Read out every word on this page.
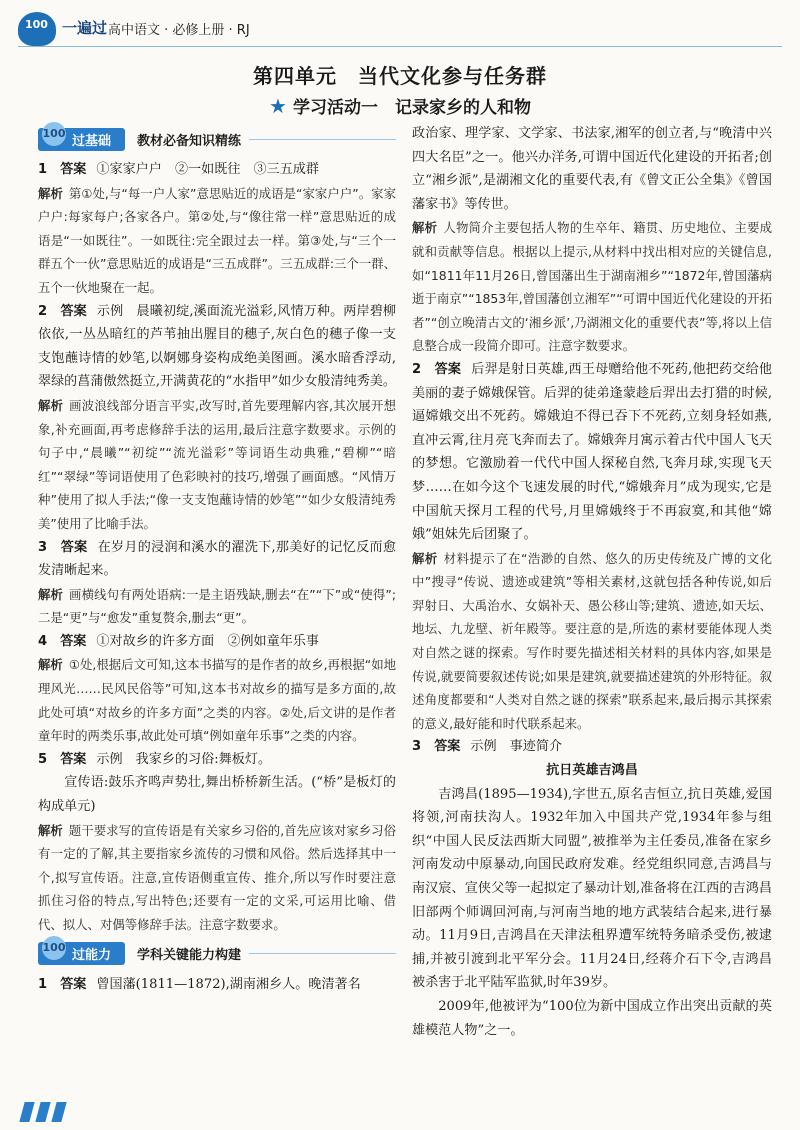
100 一遍过 高中语文 · 必修上册 · RJ
第四单元　当代文化参与任务群
★ 学习活动一　记录家乡的人和物
100
过基础	教材必备知识精练

1　 答案 ①家家户户　②一如既往　③三五成群

解析 第①处,与“每一户人家”意思贴近的成语是“家家户户”。家家户户:每家每户;各家各户。第②处,与“像往常一样”意思贴近的成语是“一如既往”。一如既往:完全跟过去一样。第③处,与“三个一群五个一伙”意思贴近的成语是“三五成群”。三五成群:三个一群、五个一伙地聚在一起。

2　 答案 示例　晨曦初绽,溪面流光溢彩,风情万种。两岸碧柳依依,一丛丛暗红的芦苇抽出腥目的穗子,灰白色的穗子像一支支饱蘸诗情的妙笔,以婀娜身姿构成绝美图画。溪水暗香浮动,翠绿的菖蒲傲然挺立,开满黄花的“水指甲”如少女般清纯秀美。

解析 画波浪线部分语言平实,改写时,首先要理解内容,其次展开想象,补充画面,再考虑修辞手法的运用,最后注意字数要求。示例的句子中,“晨曦”“初绽”“流光溢彩”等词语生动典雅,“碧柳”“暗红”“翠绿”等词语使用了色彩映衬的技巧,增强了画面感。“风情万种”使用了拟人手法;“像一支支饱蘸诗情的妙笔”“如少女般清纯秀美”使用了比喻手法。

3　 答案 在岁月的浸润和溪水的濯洗下,那美好的记忆反而愈发清晰起来。

解析 画横线句有两处语病:一是主语残缺,删去“在”“下”或“使得”;二是“更”与“愈发”重复赘余,删去“更”。

4　 答案 ①对故乡的许多方面　②例如童年乐事

解析 ①处,根据后文可知,这本书描写的是作者的故乡,再根据“如地理风光……民风民俗等”可知,这本书对故乡的描写是多方面的,故此处可填“对故乡的许多方面”之类的内容。②处,后文讲的是作者童年时的两类乐事,故此处可填“例如童年乐事”之类的内容。

5　 答案 示例　我家乡的习俗:舞板灯。

宣传语:鼓乐齐鸣声势壮,舞出桥桥新生活。(“桥”是板灯的构成单元)

解析 题干要求写的宣传语是有关家乡习俗的,首先应该对家乡习俗有一定的了解,其主要指家乡流传的习惯和风俗。然后选择其中一个,拟写宣传语。注意,宣传语侧重宣传、推介,所以写作时要注意抓住习俗的特点,写出特色;还要有一定的文采,可运用比喻、借代、拟人、对偶等修辞手法。注意字数要求。

100
过能力	学科关键能力构建

1　 答案 曾国藩(1811—1872),湖南湘乡人。晚清著名

政治家、理学家、文学家、书法家,湘军的创立者,与“晚清中兴四大名臣”之一。他兴办洋务,可谓中国近代化建设的开拓者;创立“湘乡派”,是湖湘文化的重要代表,有《曾文正公全集》《曾国藩家书》等传世。

解析 人物简介主要包括人物的生卒年、籍贯、历史地位、主要成就和贡献等信息。根据以上提示,从材料中找出相对应的关键信息,如“1811年11月26日,曾国藩出生于湖南湘乡”“1872年,曾国藩病逝于南京”“1853年,曾国藩创立湘军”“可谓中国近代化建设的开拓者”“创立晚清古文的‘湘乡派’,乃湖湘文化的重要代表”等,将以上信息整合成一段简介即可。注意字数要求。

2　 答案 后羿是射日英雄,西王母赠给他不死药,他把药交给他美丽的妻子嫦娥保管。后羿的徒弟逢蒙趁后羿出去打猎的时候,逼嫦娥交出不死药。嫦娥迫不得已吞下不死药,立刻身轻如燕,直冲云霄,往月亮飞奔而去了。嫦娥奔月寓示着古代中国人飞天的梦想。它激励着一代代中国人探秘自然,飞奔月球,实现飞天梦……在如今这个飞速发展的时代,“嫦娥奔月”成为现实,它是中国航天探月工程的代号,月里嫦娥终于不再寂寞,和其他“嫦娥”姐妹先后团聚了。

解析 材料提示了在“浩渺的自然、悠久的历史传统及广博的文化中”搜寻“传说、遗迹或建筑”等相关素材,这就包括各种传说,如后羿射日、大禹治水、女娲补天、愚公移山等;建筑、遗迹,如天坛、地坛、九龙壁、祈年殿等。要注意的是,所选的素材要能体现人类对自然之谜的探索。写作时要先描述相关材料的具体内容,如果是传说,就要简要叙述传说;如果是建筑,就要描述建筑的外形特征。叙述角度都要和“人类对自然之谜的探索”联系起来,最后揭示其探索的意义,最好能和时代联系起来。

3　 答案 示例　事迹简介

抗日英雄吉鸿昌

吉鸿昌(1895—1934),字世五,原名吉恒立,抗日英雄,爱国将领,河南扶沟人。1932年加入中国共产党,1934年参与组织“中国人民反法西斯大同盟”,被推举为主任委员,准备在家乡河南发动中原暴动,向国民政府发难。经党组织同意,吉鸿昌与南汉宸、宣侠父等一起拟定了暴动计划,准备将在江西的吉鸿昌旧部两个师调回河南,与河南当地的地方武装结合起来,进行暴动。11月9日,吉鸿昌在天津法租界遭军统特务暗杀受伤,被逮捕,并被引渡到北平军分会。11月24日,经蒋介石下令,吉鸿昌被杀害于北平陆军监狱,时年39岁。

2009年,他被评为“100位为新中国成立作出突出贡献的英雄模范人物”之一。
